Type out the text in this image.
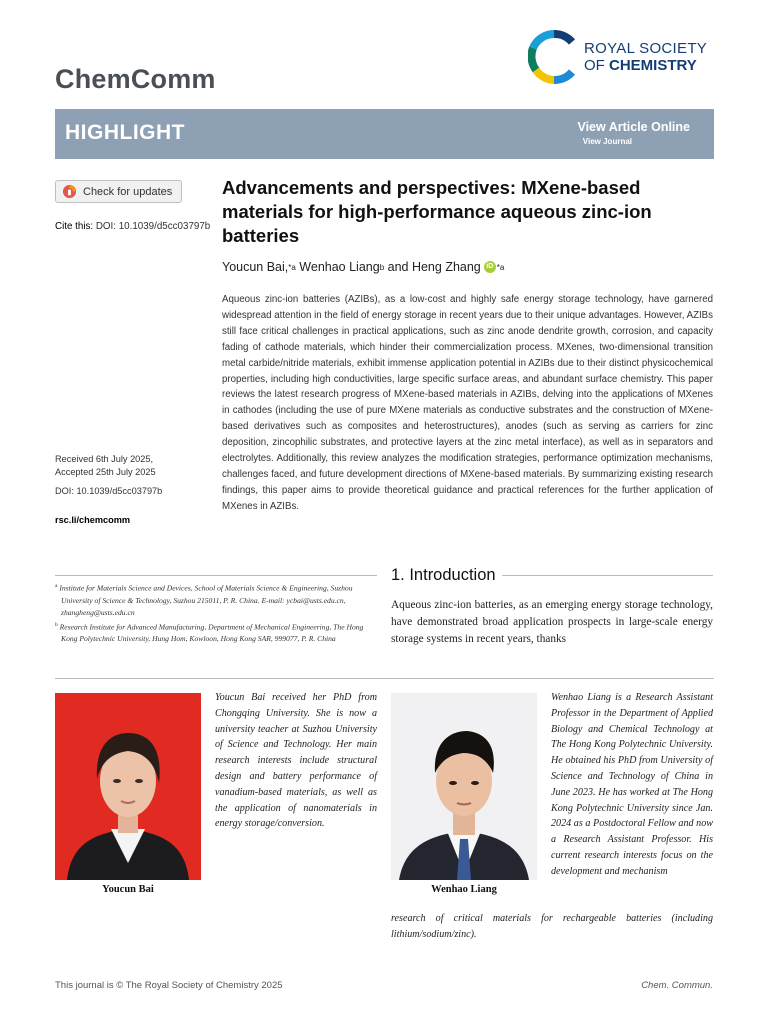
ChemComm
ROYAL SOCIETY
OF CHEMISTRY
HIGHLIGHT	View Article Online
View Journal
Check for updates
Cite this: DOI: 10.1039/d5cc03797b
Received 6th July 2025,
Accepted 25th July 2025
DOI: 10.1039/d5cc03797b
rsc.li/chemcomm
Advancements and perspectives: MXene-based materials for high-performance aqueous zinc-ion batteries
Youcun Bai, *a Wenhao Liang b and Heng Zhang iD *a
Aqueous zinc-ion batteries (AZIBs), as a low-cost and highly safe energy storage technology, have garnered widespread attention in the field of energy storage in recent years due to their unique advantages. However, AZIBs still face critical challenges in practical applications, such as zinc anode dendrite growth, corrosion, and capacity fading of cathode materials, which hinder their commercialization process. MXenes, two-dimensional transition metal carbide/nitride materials, exhibit immense application potential in AZIBs due to their distinct physicochemical properties, including high conductivities, large specific surface areas, and abundant surface chemistry. This paper reviews the latest research progress of MXene-based materials in AZIBs, delving into the applications of MXenes in cathodes (including the use of pure MXene materials as conductive substrates and the construction of MXene-based derivatives such as composites and heterostructures), anodes (such as serving as carriers for zinc deposition, zincophilic substrates, and protective layers at the zinc metal interface), as well as in separators and electrolytes. Additionally, this review analyzes the modification strategies, performance optimization mechanisms, challenges faced, and future development directions of MXene-based materials. By summarizing existing research findings, this paper aims to provide theoretical guidance and practical references for the further application of MXenes in AZIBs.

$^a$ Institute for Materials Science and Devices, School of Materials Science & Engineering, Suzhou University of Science & Technology, Suzhou 215011, P. R. China. E-mail: ycbai@usts.edu.cn, zhangheng@usts.edu.cn

$^b$ Research Institute for Advanced Manufacturing, Department of Mechanical Engineering, The Hong Kong Polytechnic University, Hung Hom, Kowloon, Hong Kong SAR, 999077, P. R. China

1. Introduction
Aqueous zinc-ion batteries, as an emerging energy storage technology, have demonstrated broad application prospects in large-scale energy storage systems in recent years, thanks
Youcun Bai
Youcun Bai received her PhD from Chongqing University. She is now a university teacher at Suzhou University of Science and Technology. Her main research interests include structural design and battery performance of vanadium-based materials, as well as the application of nanomaterials in energy storage/conversion.
Wenhao Liang
Wenhao Liang is a Research Assistant Professor in the Department of Applied Biology and Chemical Technology at The Hong Kong Polytechnic University. He obtained his PhD from University of Science and Technology of China in June 2023. He has worked at The Hong Kong Polytechnic University since Jan. 2024 as a Postdoctoral Fellow and now a Research Assistant Professor. His current research interests focus on the development and mechanism
research of critical materials for rechargeable batteries (including lithium/sodium/zinc).
This journal is © The Royal Society of Chemistry 2025	Chem. Commun.
